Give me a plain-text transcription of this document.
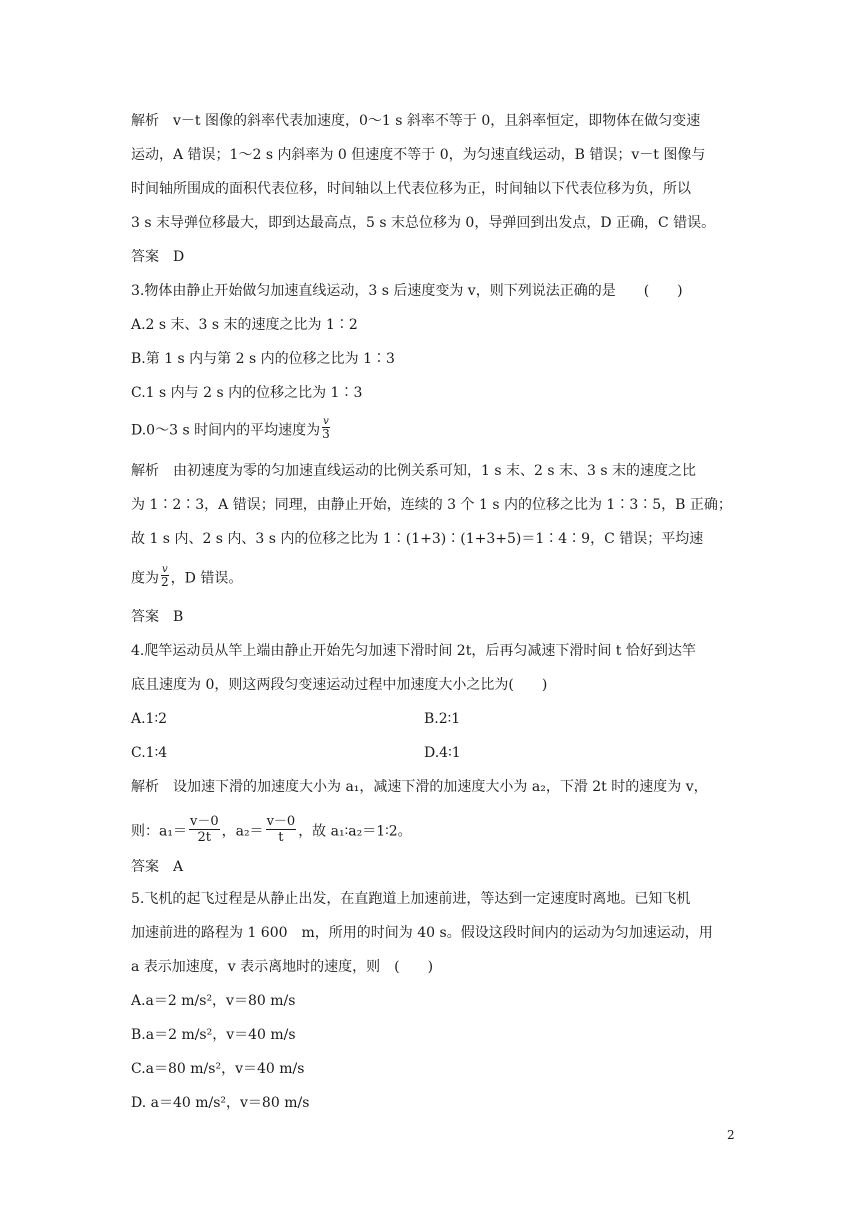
解析　v－t 图像的斜率代表加速度，0～1 s 斜率不等于 0，且斜率恒定，即物体在做匀变速
运动，A 错误；1～2 s 内斜率为 0 但速度不等于 0，为匀速直线运动，B 错误；v－t 图像与
时间轴所围成的面积代表位移，时间轴以上代表位移为正，时间轴以下代表位移为负，所以
3 s 末导弹位移最大，即到达最高点，5 s 末总位移为 0，导弹回到出发点，D 正确，C 错误。
答案　D
3.物体由静止开始做匀加速直线运动，3 s 后速度变为 v，则下列说法正确的是　　(　　)
A.2 s 末、3 s 末的速度之比为 1∶2
B.第 1 s 内与第 2 s 内的位移之比为 1∶3
C.1 s 内与 2 s 内的位移之比为 1∶3
D.0～3 s 时间内的平均速度为 $\frac{v}{3}$
解析　由初速度为零的匀加速直线运动的比例关系可知，1 s 末、2 s 末、3 s 末的速度之比
为 1∶2∶3，A 错误；同理，由静止开始，连续的 3 个 1 s 内的位移之比为 1∶3∶5，B 正确；
故 1 s 内、2 s 内、3 s 内的位移之比为 1∶(1+3)∶(1+3+5)＝1∶4∶9，C 错误；平均速
度为 $\frac{v}{2}$ ，D 错误。
答案　B
4.爬竿运动员从竿上端由静止开始先匀加速下滑时间 2t，后再匀减速下滑时间 t 恰好到达竿
底且速度为 0，则这两段匀变速运动过程中加速度大小之比为(　　)
A.1∶2	B.2∶1
C.1∶4	D.4∶1
解析　设加速下滑的加速度大小为 a₁，减速下滑的加速度大小为 a₂，下滑 2t 时的速度为 v，
则：$a_1= \frac{v-0}{2t}$ ，$a_2= \frac{v-0}{t}$ ，故 a₁∶a₂＝1∶2。
答案　A
5.飞机的起飞过程是从静止出发，在直跑道上加速前进，等达到一定速度时离地。已知飞机
加速前进的路程为 1 600　m，所用的时间为 40 s。假设这段时间内的运动为匀加速运动，用
a 表示加速度，v 表示离地时的速度，则　(　　)
A.a＝2 m/s²，v＝80 m/s
B.a＝2 m/s²，v＝40 m/s
C.a＝80 m/s²，v＝40 m/s
D. a＝40 m/s²，v＝80 m/s
2
